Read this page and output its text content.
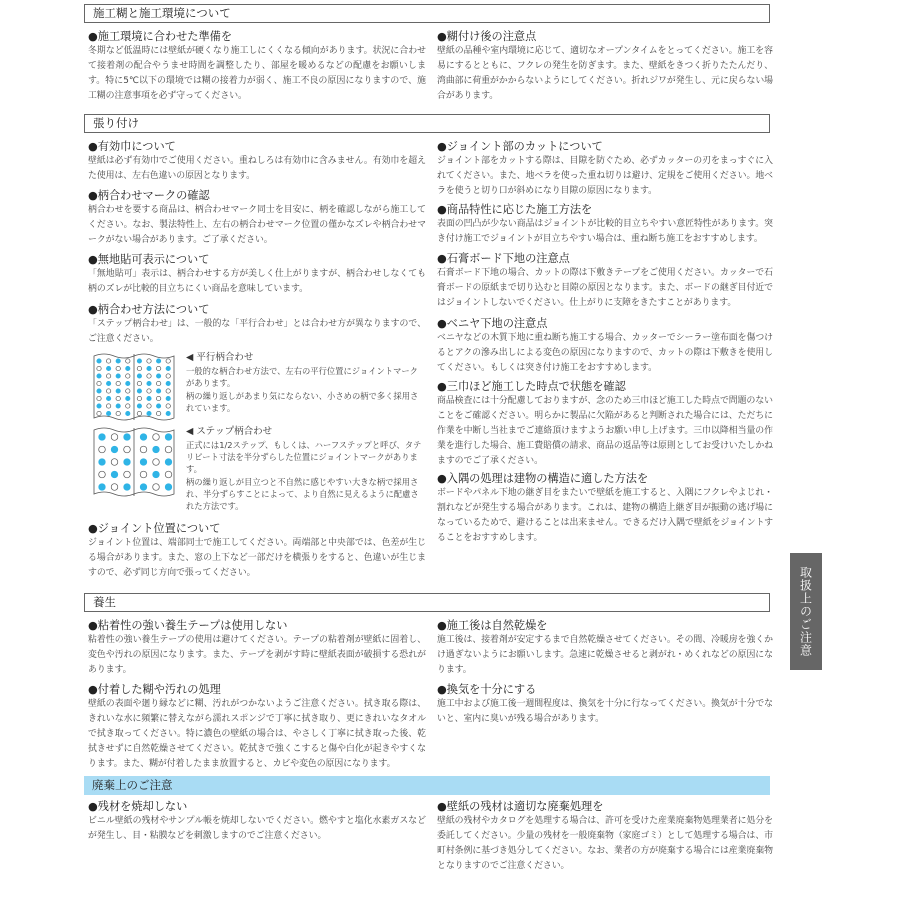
施工糊と施工環境について
●施工環境に合わせた準備を

冬期など低温時には壁紙が硬くなり施工しにくくなる傾向があります。状況に合わせて接着剤の配合やうませ時間を調整したり、部屋を暖めるなどの配慮をお願いします。特に5℃以下の環境では糊の接着力が弱く、施工不良の原因になりますので、施工糊の注意事項を必ず守ってください。

●糊付け後の注意点

壁紙の品種や室内環境に応じて、適切なオープンタイムをとってください。施工を容易にするとともに、フクレの発生を防ぎます。また、壁紙をきつく折りたたんだり、湾曲部に荷重がかからないようにしてください。折れジワが発生し、元に戻らない場合があります。

張り付け
●有効巾について

壁紙は必ず有効巾でご使用ください。重ねしろは有効巾に含みません。有効巾を超えた使用は、左右色違いの原因となります。

●柄合わせマークの確認

柄合わせを要する商品は、柄合わせマーク同士を目安に、柄を確認しながら施工してください。なお、製法特性上、左右の柄合わせマーク位置の僅かなズレや柄合わせマークがない場合があります。ご了承ください。

●無地貼可表示について

「無地貼可」表示は、柄合わせする方が美しく仕上がりますが、柄合わせしなくても柄のズレが比較的目立ちにくい商品を意味しています。

●柄合わせ方法について

「ステップ柄合わせ」は、一般的な「平行合わせ」とは合わせ方が異なりますので、ご注意ください。

◀ 平行柄合わせ

一般的な柄合わせ方法で、左右の平行位置にジョイントマークがあります。

柄の繰り返しがあまり気にならない、小さめの柄で多く採用されています。

◀ ステップ柄合わせ

正式には1/2ステップ、もしくは、ハーフステップと呼び、タテリピート寸法を半分ずらした位置にジョイントマークがあります。

柄の繰り返しが目立つと不自然に感じやすい大きな柄で採用され、半分ずらすことによって、より自然に見えるように配慮された方法です。

●ジョイント位置について

ジョイント位置は、端部同士で施工してください。両端部と中央部では、色差が生じる場合があります。また、窓の上下など一部だけを横張りをすると、色違いが生じますので、必ず同じ方向で張ってください。

●ジョイント部のカットについて

ジョイント部をカットする際は、目隙を防ぐため、必ずカッターの刃をまっすぐに入れてください。また、地ベラを使った重ね切りは避け、定規をご使用ください。地ベラを使うと切り口が斜めになり目隙の原因になります。

●商品特性に応じた施工方法を

表面の凹凸が少ない商品はジョイントが比較的目立ちやすい意匠特性があります。突き付け施工でジョイントが目立ちやすい場合は、重ね断ち施工をおすすめします。

●石膏ボード下地の注意点

石膏ボード下地の場合、カットの際は下敷きテープをご使用ください。カッターで石膏ボードの原紙まで切り込むと目隙の原因となります。また、ボードの継ぎ目付近ではジョイントしないでください。仕上がりに支障をきたすことがあります。

●ベニヤ下地の注意点

ベニヤなどの木質下地に重ね断ち施工する場合、カッターでシーラー塗布面を傷つけるとアクの滲み出しによる変色の原因になりますので、カットの際は下敷きを使用してください。もしくは突き付け施工をおすすめします。

●三巾ほど施工した時点で状態を確認

商品検査には十分配慮しておりますが、念のため三巾ほど施工した時点で問題のないことをご確認ください。明らかに製品に欠陥があると判断された場合には、ただちに作業を中断し当社までご連絡頂けますようお願い申し上げます。三巾以降相当量の作業を進行した場合、施工費賠償の請求、商品の返品等は原則としてお受けいたしかねますのでご了承ください。

●入隅の処理は建物の構造に適した方法を

ボードやパネル下地の継ぎ目をまたいで壁紙を施工すると、入隅にフクレやよじれ・割れなどが発生する場合があります。これは、建物の構造上継ぎ目が振動の逃げ場になっているためで、避けることは出来ません。できるだけ入隅で壁紙をジョイントすることをおすすめします。

養生
●粘着性の強い養生テープは使用しない

粘着性の強い養生テープの使用は避けてください。テープの粘着剤が壁紙に固着し、変色や汚れの原因になります。また、テープを剥がす時に壁紙表面が破損する恐れがあります。

●付着した糊や汚れの処理

壁紙の表面や廻り縁などに糊、汚れがつかないようご注意ください。拭き取る際は、きれいな水に頻繁に替えながら濡れスポンジで丁寧に拭き取り、更にきれいなタオルで拭き取ってください。特に濃色の壁紙の場合は、やさしく丁寧に拭き取った後、乾拭きせずに自然乾燥させてください。乾拭きで強くこすると傷や白化が起きやすくなります。また、糊が付着したまま放置すると、カビや変色の原因になります。

●施工後は自然乾燥を

施工後は、接着剤が安定するまで自然乾燥させてください。その間、冷暖房を強くかけ過ぎないようにお願いします。急速に乾燥させると剥がれ・めくれなどの原因になります。

●換気を十分にする

施工中および施工後一週間程度は、換気を十分に行なってください。換気が十分でないと、室内に臭いが残る場合があります。

廃棄上のご注意
●残材を焼却しない

ビニル壁紙の残材やサンプル帳を焼却しないでください。燃やすと塩化水素ガスなどが発生し、目・粘膜などを刺激しますのでご注意ください。

●壁紙の残材は適切な廃棄処理を

壁紙の残材やカタログを処理する場合は、許可を受けた産業廃棄物処理業者に処分を委託してください。少量の残材を一般廃棄物（家庭ゴミ）として処理する場合は、市町村条例に基づき処分してください。なお、業者の方が廃棄する場合には産業廃棄物となりますのでご注意ください。

取扱上のご注意
